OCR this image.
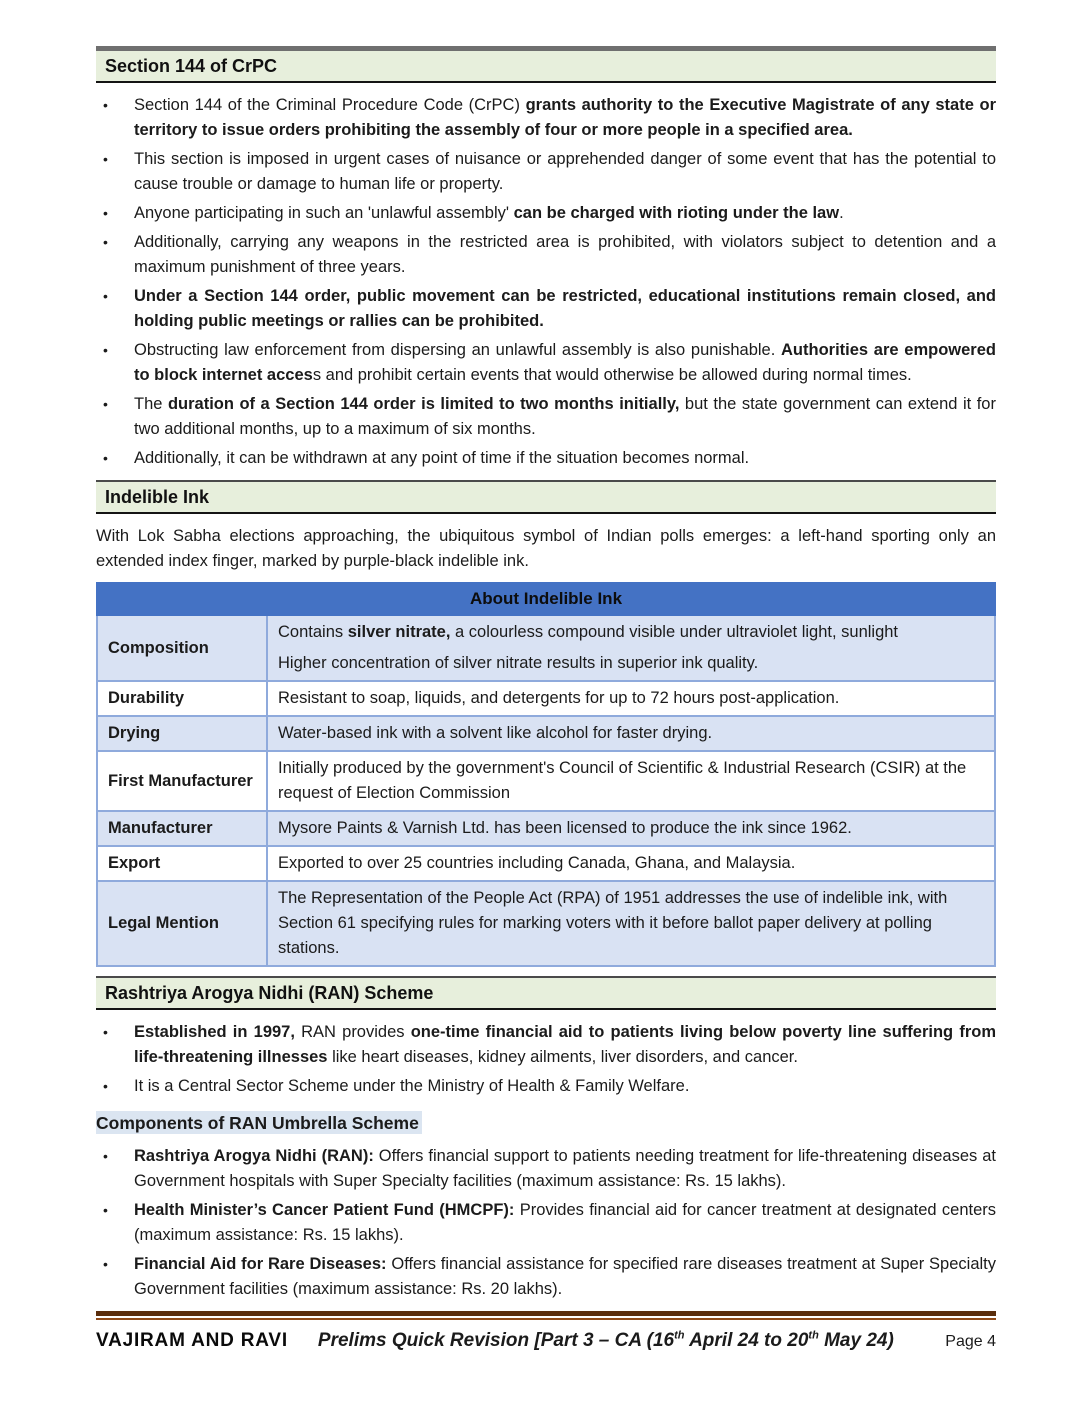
Section 144 of CrPC
•	Section 144 of the Criminal Procedure Code (CrPC) grants authority to the Executive Magistrate of any state or territory to issue orders prohibiting the assembly of four or more people in a specified area.
•	This section is imposed in urgent cases of nuisance or apprehended danger of some event that has the potential to cause trouble or damage to human life or property.
•	Anyone participating in such an 'unlawful assembly' can be charged with rioting under the law.
•	Additionally, carrying any weapons in the restricted area is prohibited, with violators subject to detention and a maximum punishment of three years.
•	Under a Section 144 order, public movement can be restricted, educational institutions remain closed, and holding public meetings or rallies can be prohibited.
•	Obstructing law enforcement from dispersing an unlawful assembly is also punishable. Authorities are empowered to block internet access and prohibit certain events that would otherwise be allowed during normal times.
•	The duration of a Section 144 order is limited to two months initially, but the state government can extend it for two additional months, up to a maximum of six months.
•	Additionally, it can be withdrawn at any point of time if the situation becomes normal.
Indelible Ink
With Lok Sabha elections approaching, the ubiquitous symbol of Indian polls emerges: a left-hand sporting only an extended index finger, marked by purple-black indelible ink.
About Indelible Ink	
Composition	Contains silver nitrate, a colourless compound visible under ultraviolet light, sunlight
Higher concentration of silver nitrate results in superior ink quality.

Durability	Resistant to soap, liquids, and detergents for up to 72 hours post-application.

Drying	Water-based ink with a solvent like alcohol for faster drying.

First Manufacturer	Initially produced by the government's Council of Scientific & Industrial Research (CSIR) at the request of Election Commission

Manufacturer	Mysore Paints & Varnish Ltd. has been licensed to produce the ink since 1962.

Export	Exported to over 25 countries including Canada, Ghana, and Malaysia.

Legal Mention	The Representation of the People Act (RPA) of 1951 addresses the use of indelible ink, with Section 61 specifying rules for marking voters with it before ballot paper delivery at polling stations.
Rashtriya Arogya Nidhi (RAN) Scheme
•	Established in 1997, RAN provides one-time financial aid to patients living below poverty line suffering from life-threatening illnesses like heart diseases, kidney ailments, liver disorders, and cancer.
•	It is a Central Sector Scheme under the Ministry of Health & Family Welfare.
Components of RAN Umbrella Scheme
•	Rashtriya Arogya Nidhi (RAN): Offers financial support to patients needing treatment for life-threatening diseases at Government hospitals with Super Specialty facilities (maximum assistance: Rs. 15 lakhs).
•	Health Minister’s Cancer Patient Fund (HMCPF): Provides financial aid for cancer treatment at designated centers (maximum assistance: Rs. 15 lakhs).
•	Financial Aid for Rare Diseases: Offers financial assistance for specified rare diseases treatment at Super Specialty Government facilities (maximum assistance: Rs. 20 lakhs).
VAJIRAM AND RAVI Prelims Quick Revision [Part 3 – CA (16th April 24 to 20th May 24)	Page 4
